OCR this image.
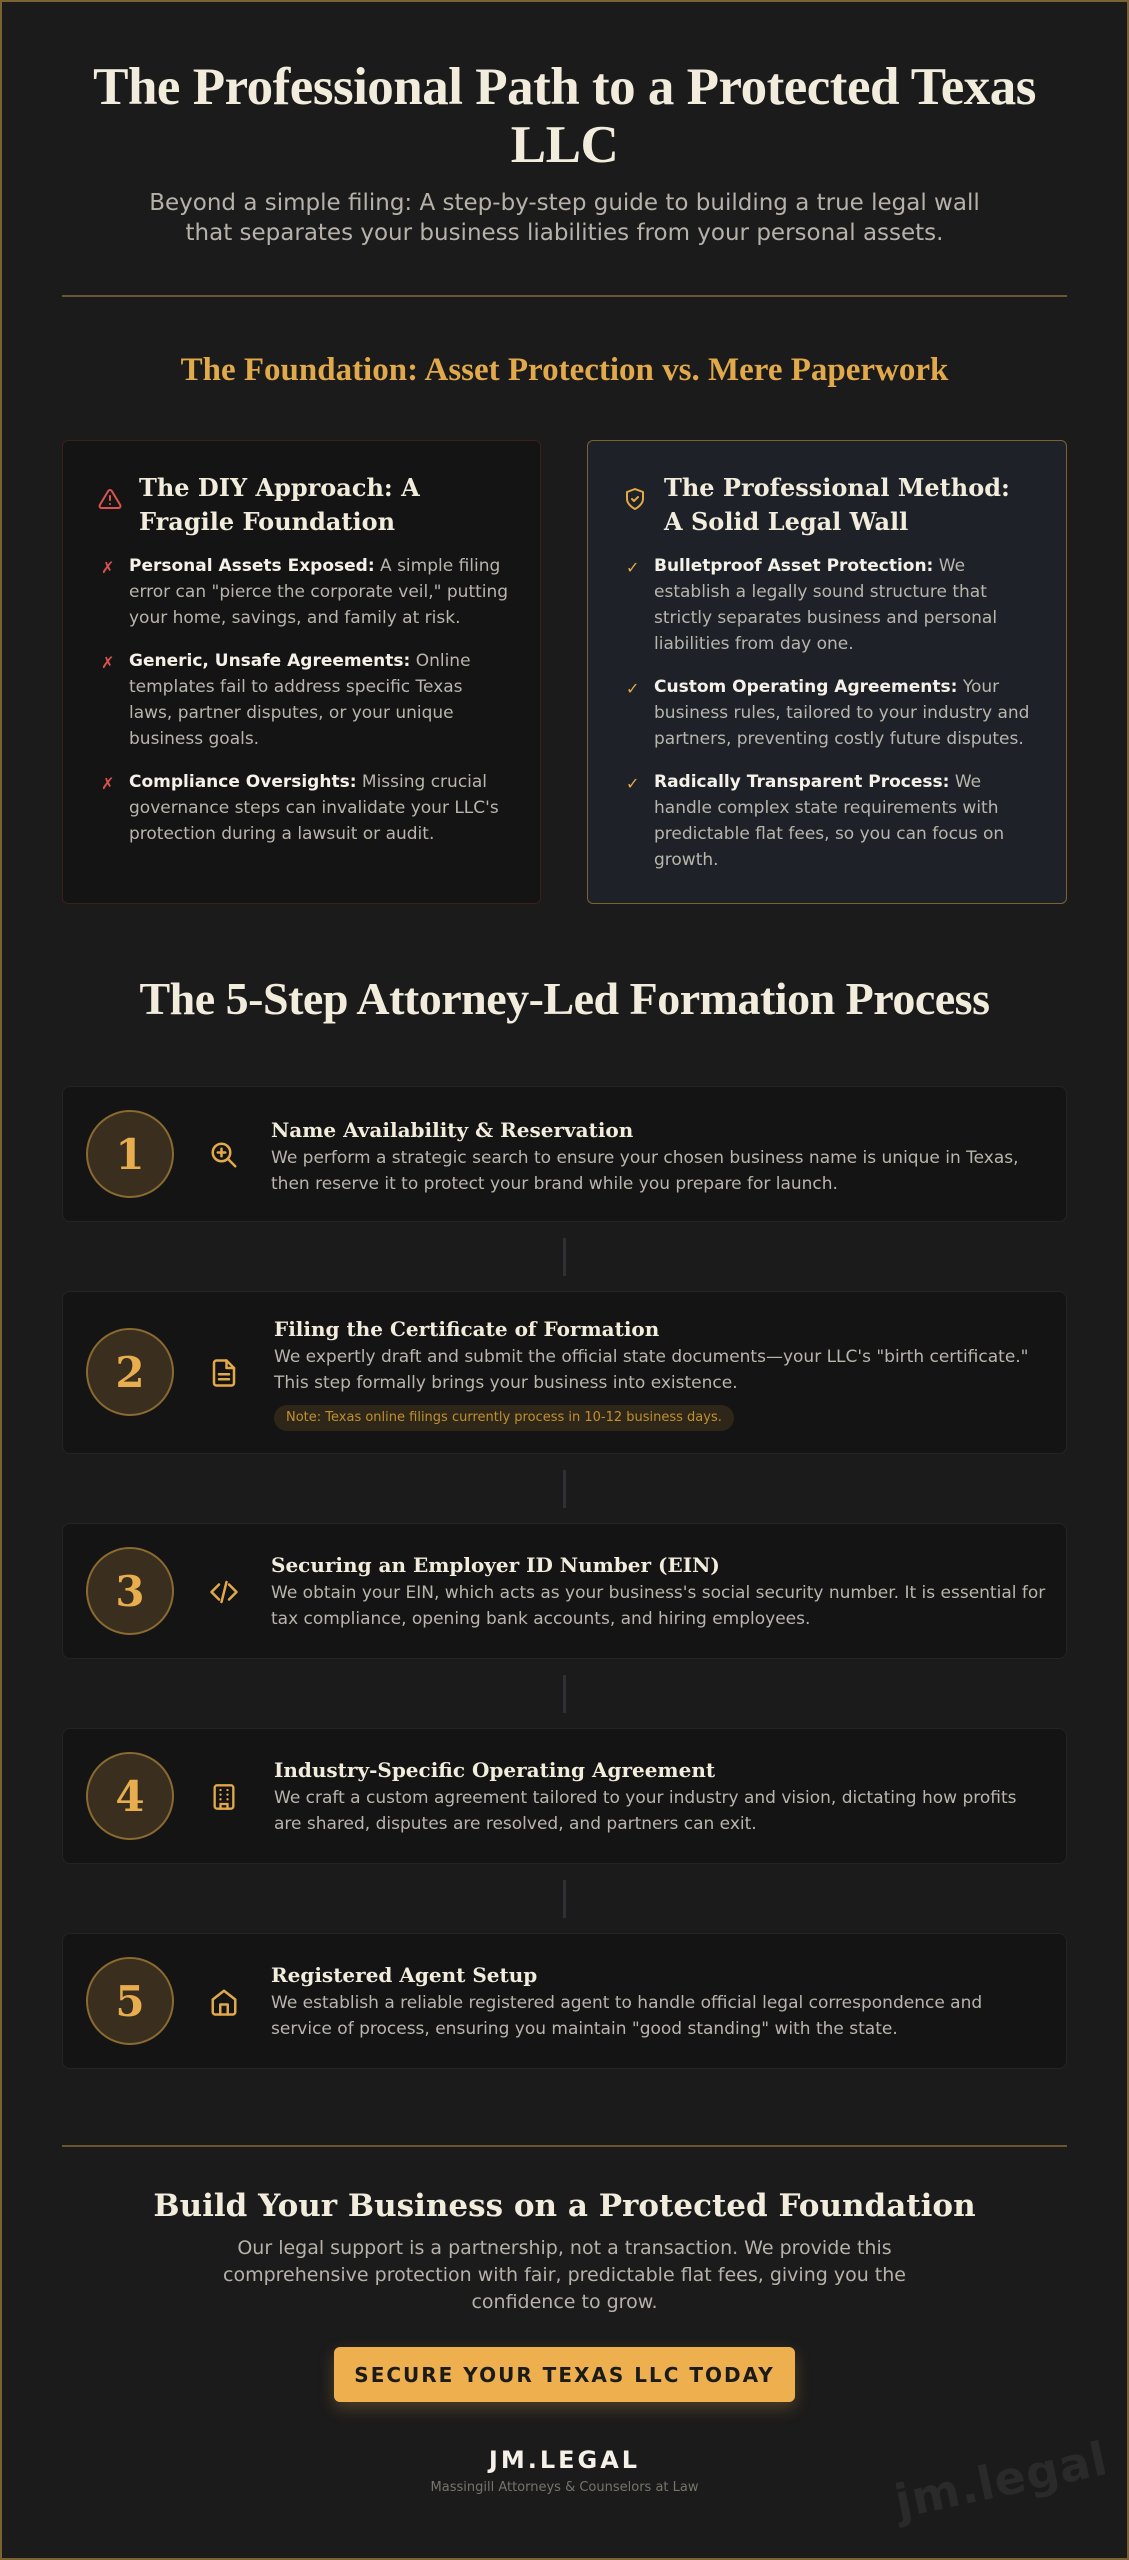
The Professional Path to a Protected Texas LLC

Beyond a simple filing: A step-by-step guide to building a true legal wall that separates your business liabilities from your personal assets.

The Foundation: Asset Protection vs. Mere Paperwork
The DIY Approach: A Fragile Foundation
✗ Personal Assets Exposed: A simple filing error can "pierce the corporate veil," putting your home, savings, and family at risk.
✗ Generic, Unsafe Agreements: Online templates fail to address specific Texas laws, partner disputes, or your unique business goals.
✗ Compliance Oversights: Missing crucial governance steps can invalidate your LLC's protection during a lawsuit or audit.
The Professional Method: A Solid Legal Wall
✓ Bulletproof Asset Protection: We establish a legally sound structure that strictly separates business and personal liabilities from day one.
✓ Custom Operating Agreements: Your business rules, tailored to your industry and partners, preventing costly future disputes.
✓ Radically Transparent Process: We handle complex state requirements with predictable flat fees, so you can focus on growth.
The 5-Step Attorney-Led Formation Process
1	Name Availability & Reservation

We perform a strategic search to ensure your chosen business name is unique in Texas, then reserve it to protect your brand while you prepare for launch.

2
Filing the Certificate of Formation

We expertly draft and submit the official state documents—your LLC's "birth certificate." This step formally brings your business into existence.

Note: Texas online filings currently process in 10-12 business days.
3
Securing an Employer ID Number (EIN)

We obtain your EIN, which acts as your business's social security number. It is essential for tax compliance, opening bank accounts, and hiring employees.

4
Industry-Specific Operating Agreement

We craft a custom agreement tailored to your industry and vision, dictating how profits are shared, disputes are resolved, and partners can exit.

5
Registered Agent Setup

We establish a reliable registered agent to handle official legal correspondence and service of process, ensuring you maintain "good standing" with the state.

Build Your Business on a Protected Foundation

Our legal support is a partnership, not a transaction. We provide this comprehensive protection with fair, predictable flat fees, giving you the confidence to grow.

SECURE YOUR TEXAS LLC TODAY
JM.LEGAL
Massingill Attorneys & Counselors at Law	jm.legal
